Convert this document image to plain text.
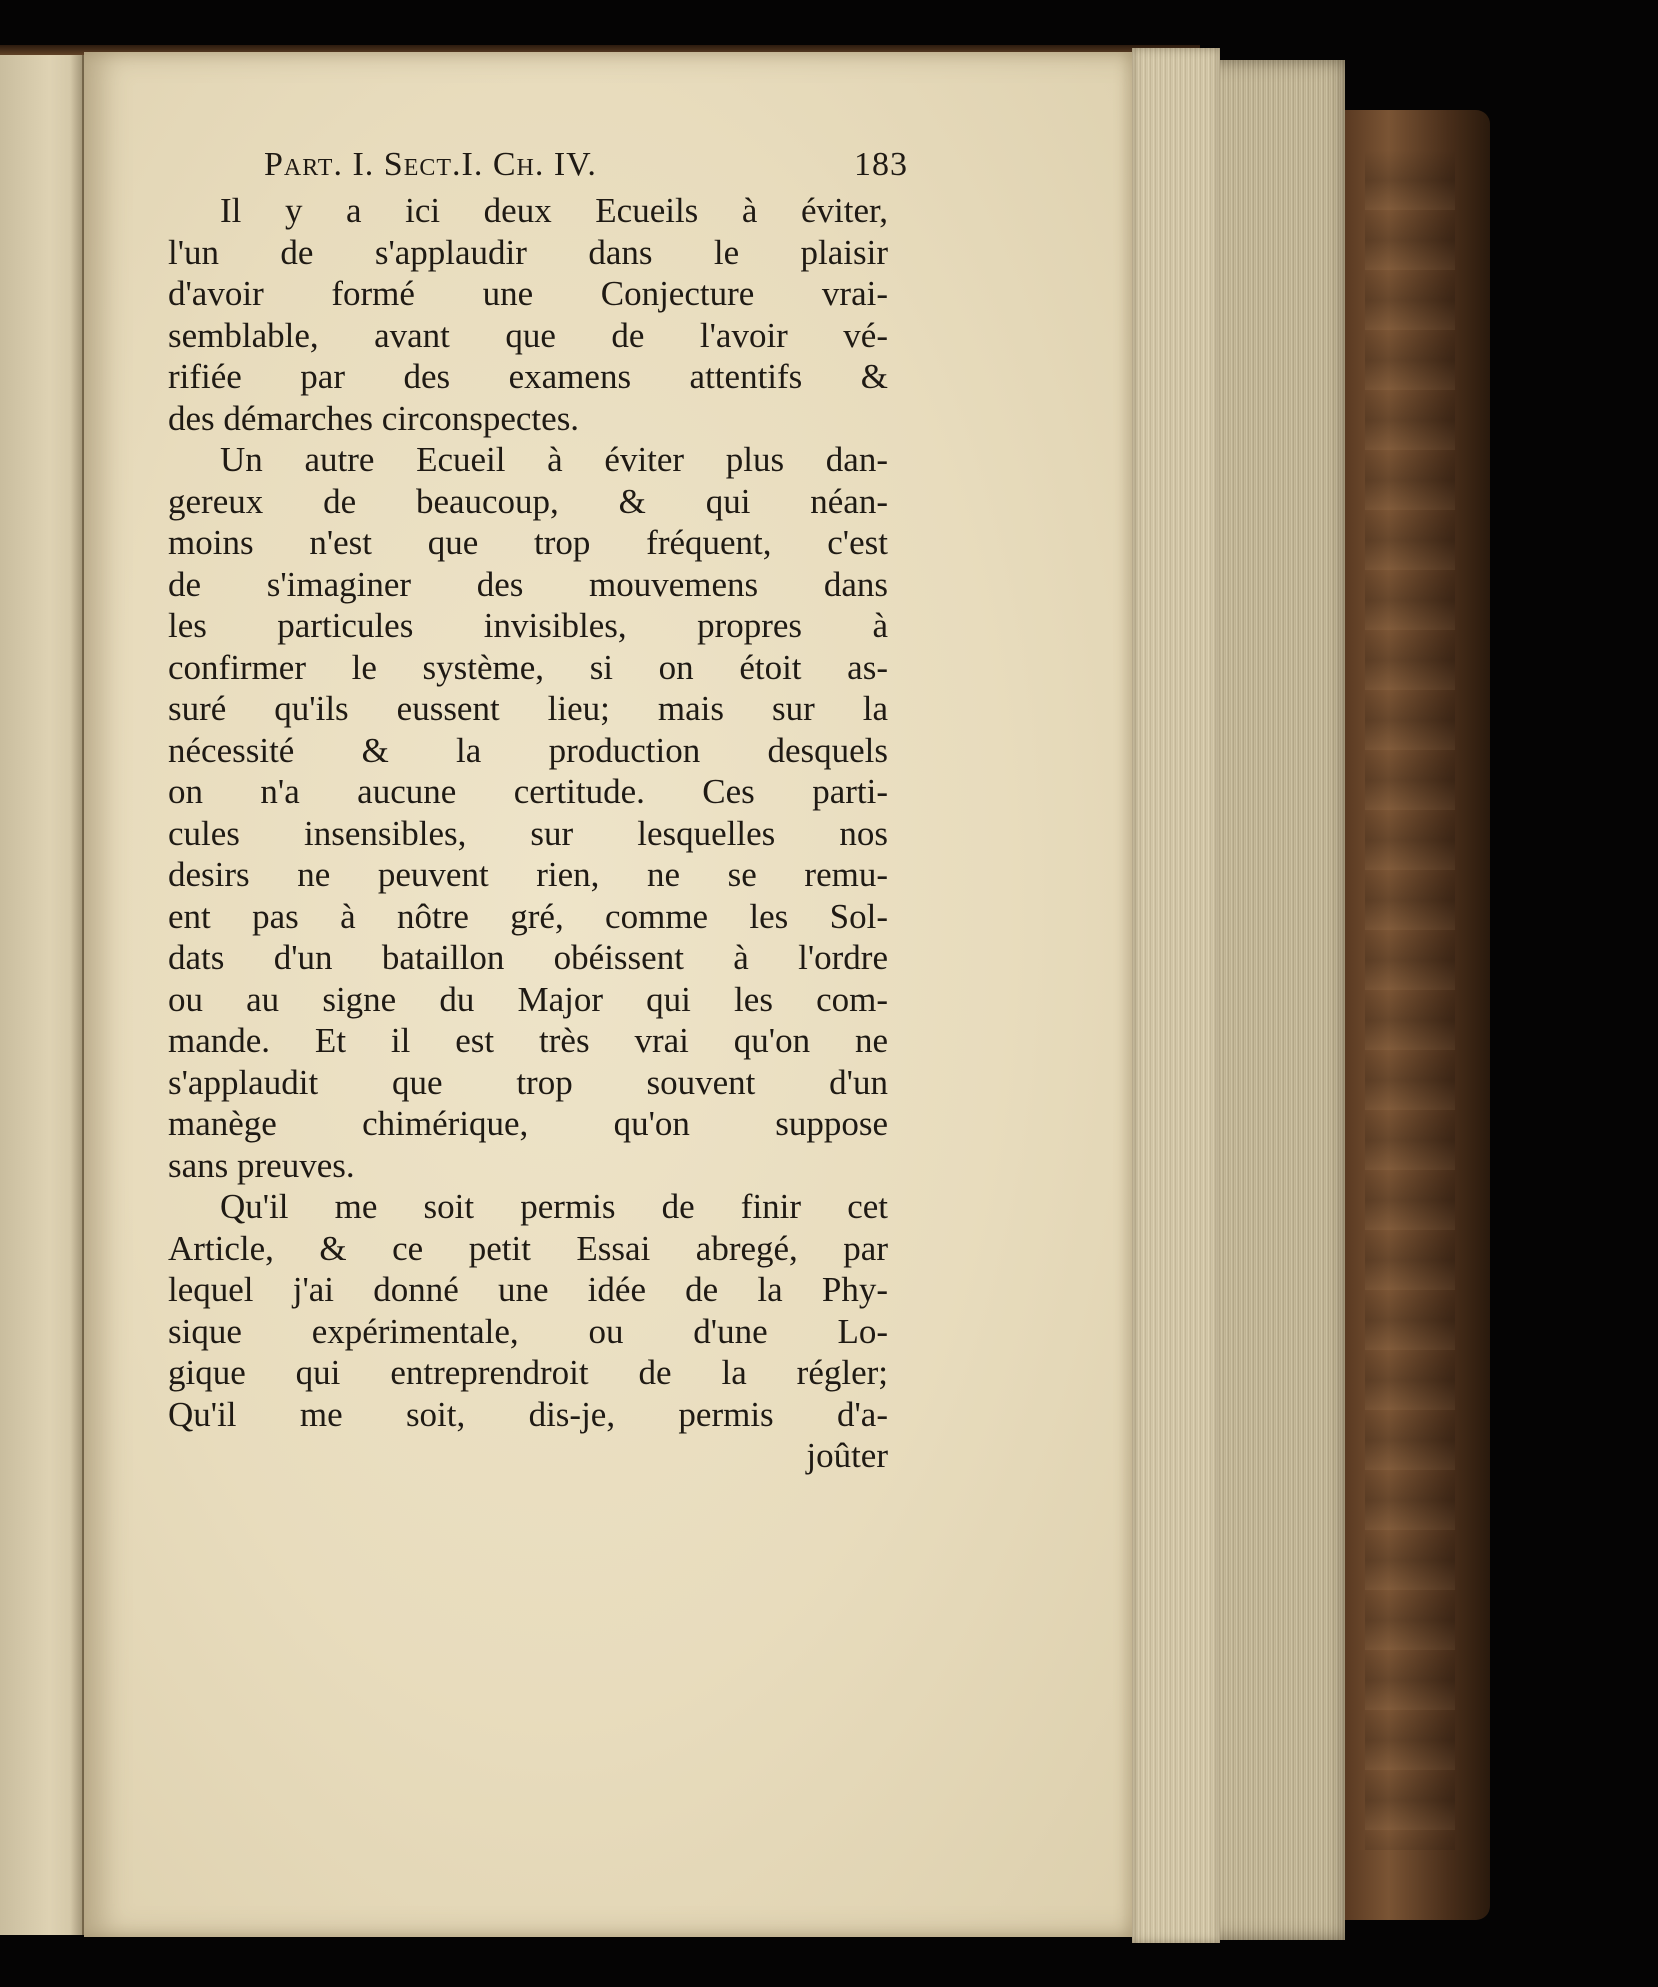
Part. I. Sect.I. Ch. IV.	183
Il y a ici deux Ecueils à éviter,
l'un de s'applaudir dans le plaisir
d'avoir formé une Conjecture vrai-
semblable, avant que de l'avoir vé-
rifiée par des examens attentifs &
des démarches circonspectes.
Un autre Ecueil à éviter plus dan-
gereux de beaucoup, & qui néan-
moins n'est que trop fréquent, c'est
de s'imaginer des mouvemens dans
les particules invisibles, propres à
confirmer le système, si on étoit as-
suré qu'ils eussent lieu; mais sur la
nécessité & la production desquels
on n'a aucune certitude. Ces parti-
cules insensibles, sur lesquelles nos
desirs ne peuvent rien, ne se remu-
ent pas à nôtre gré, comme les Sol-
dats d'un bataillon obéissent à l'ordre
ou au signe du Major qui les com-
mande. Et il est très vrai qu'on ne
s'applaudit que trop souvent d'un
manège chimérique, qu'on suppose
sans preuves.
Qu'il me soit permis de finir cet
Article, & ce petit Essai abregé, par
lequel j'ai donné une idée de la Phy-
sique expérimentale, ou d'une Lo-
gique qui entreprendroit de la régler;
Qu'il me soit, dis-je, permis d'a-
joûter
